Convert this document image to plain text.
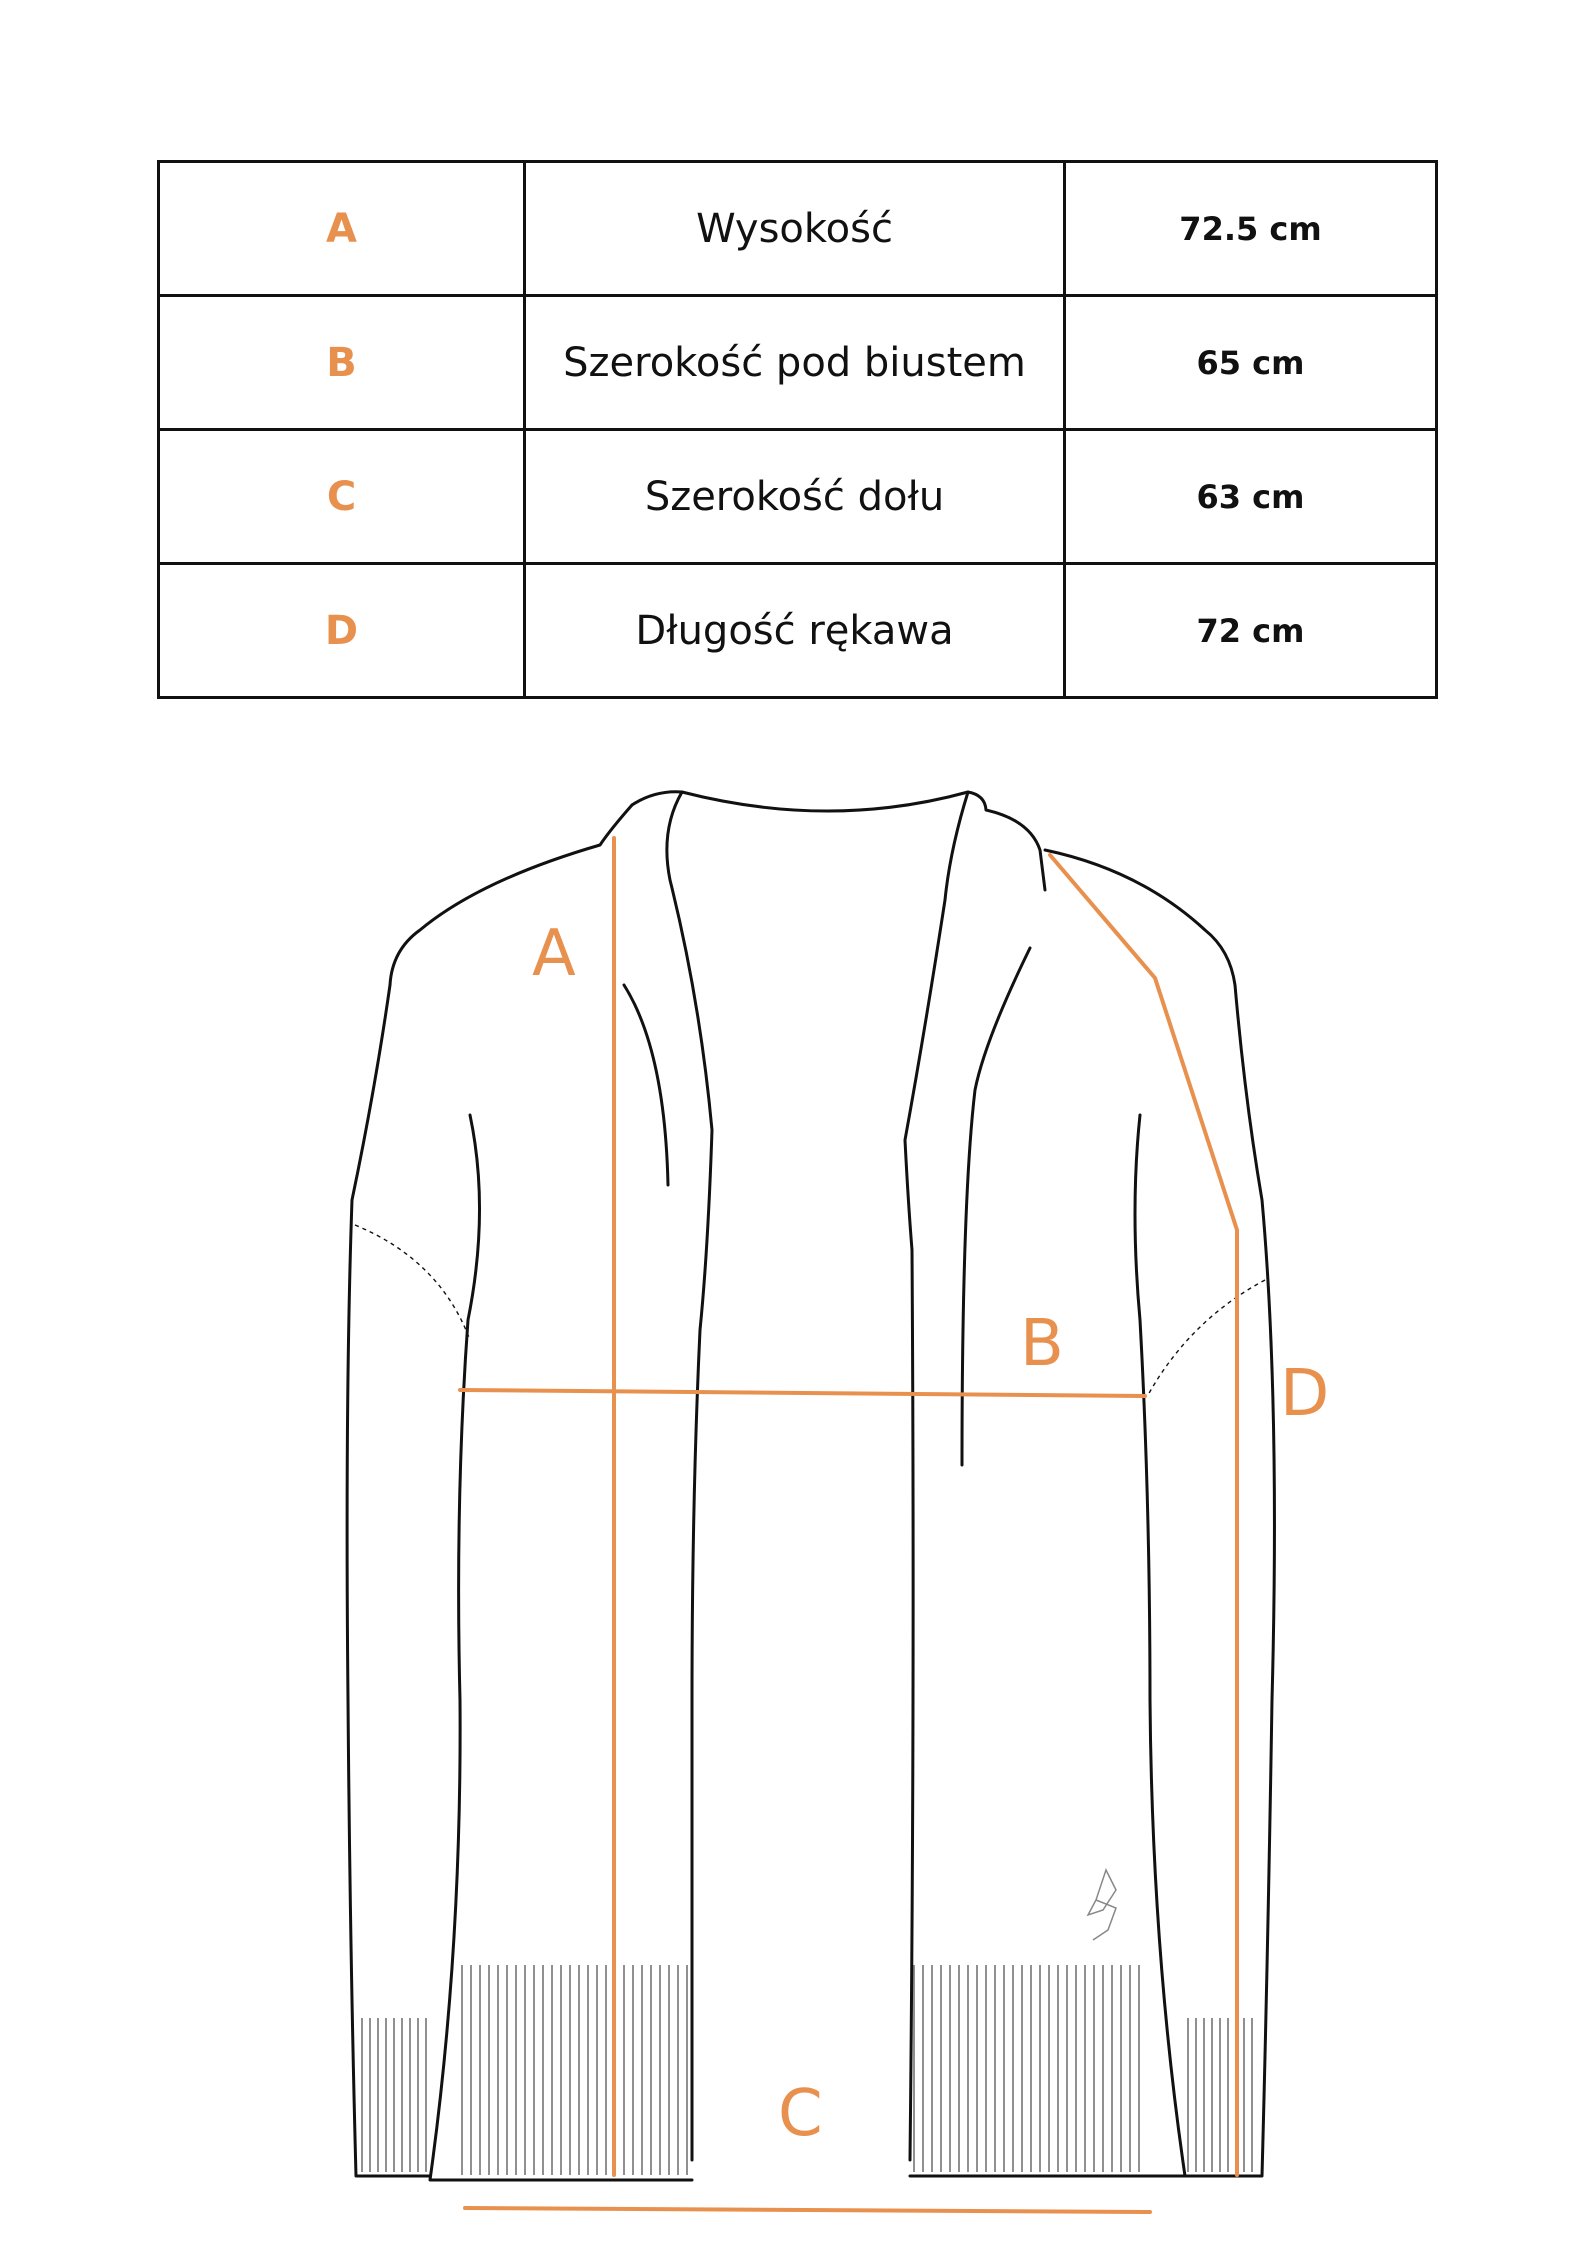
A	Wysokość	72.5 cm
B	Szerokość pod biustem	65 cm
C	Szerokość dołu	63 cm
D	Długość rękawa	72 cm
A
B
C
D
